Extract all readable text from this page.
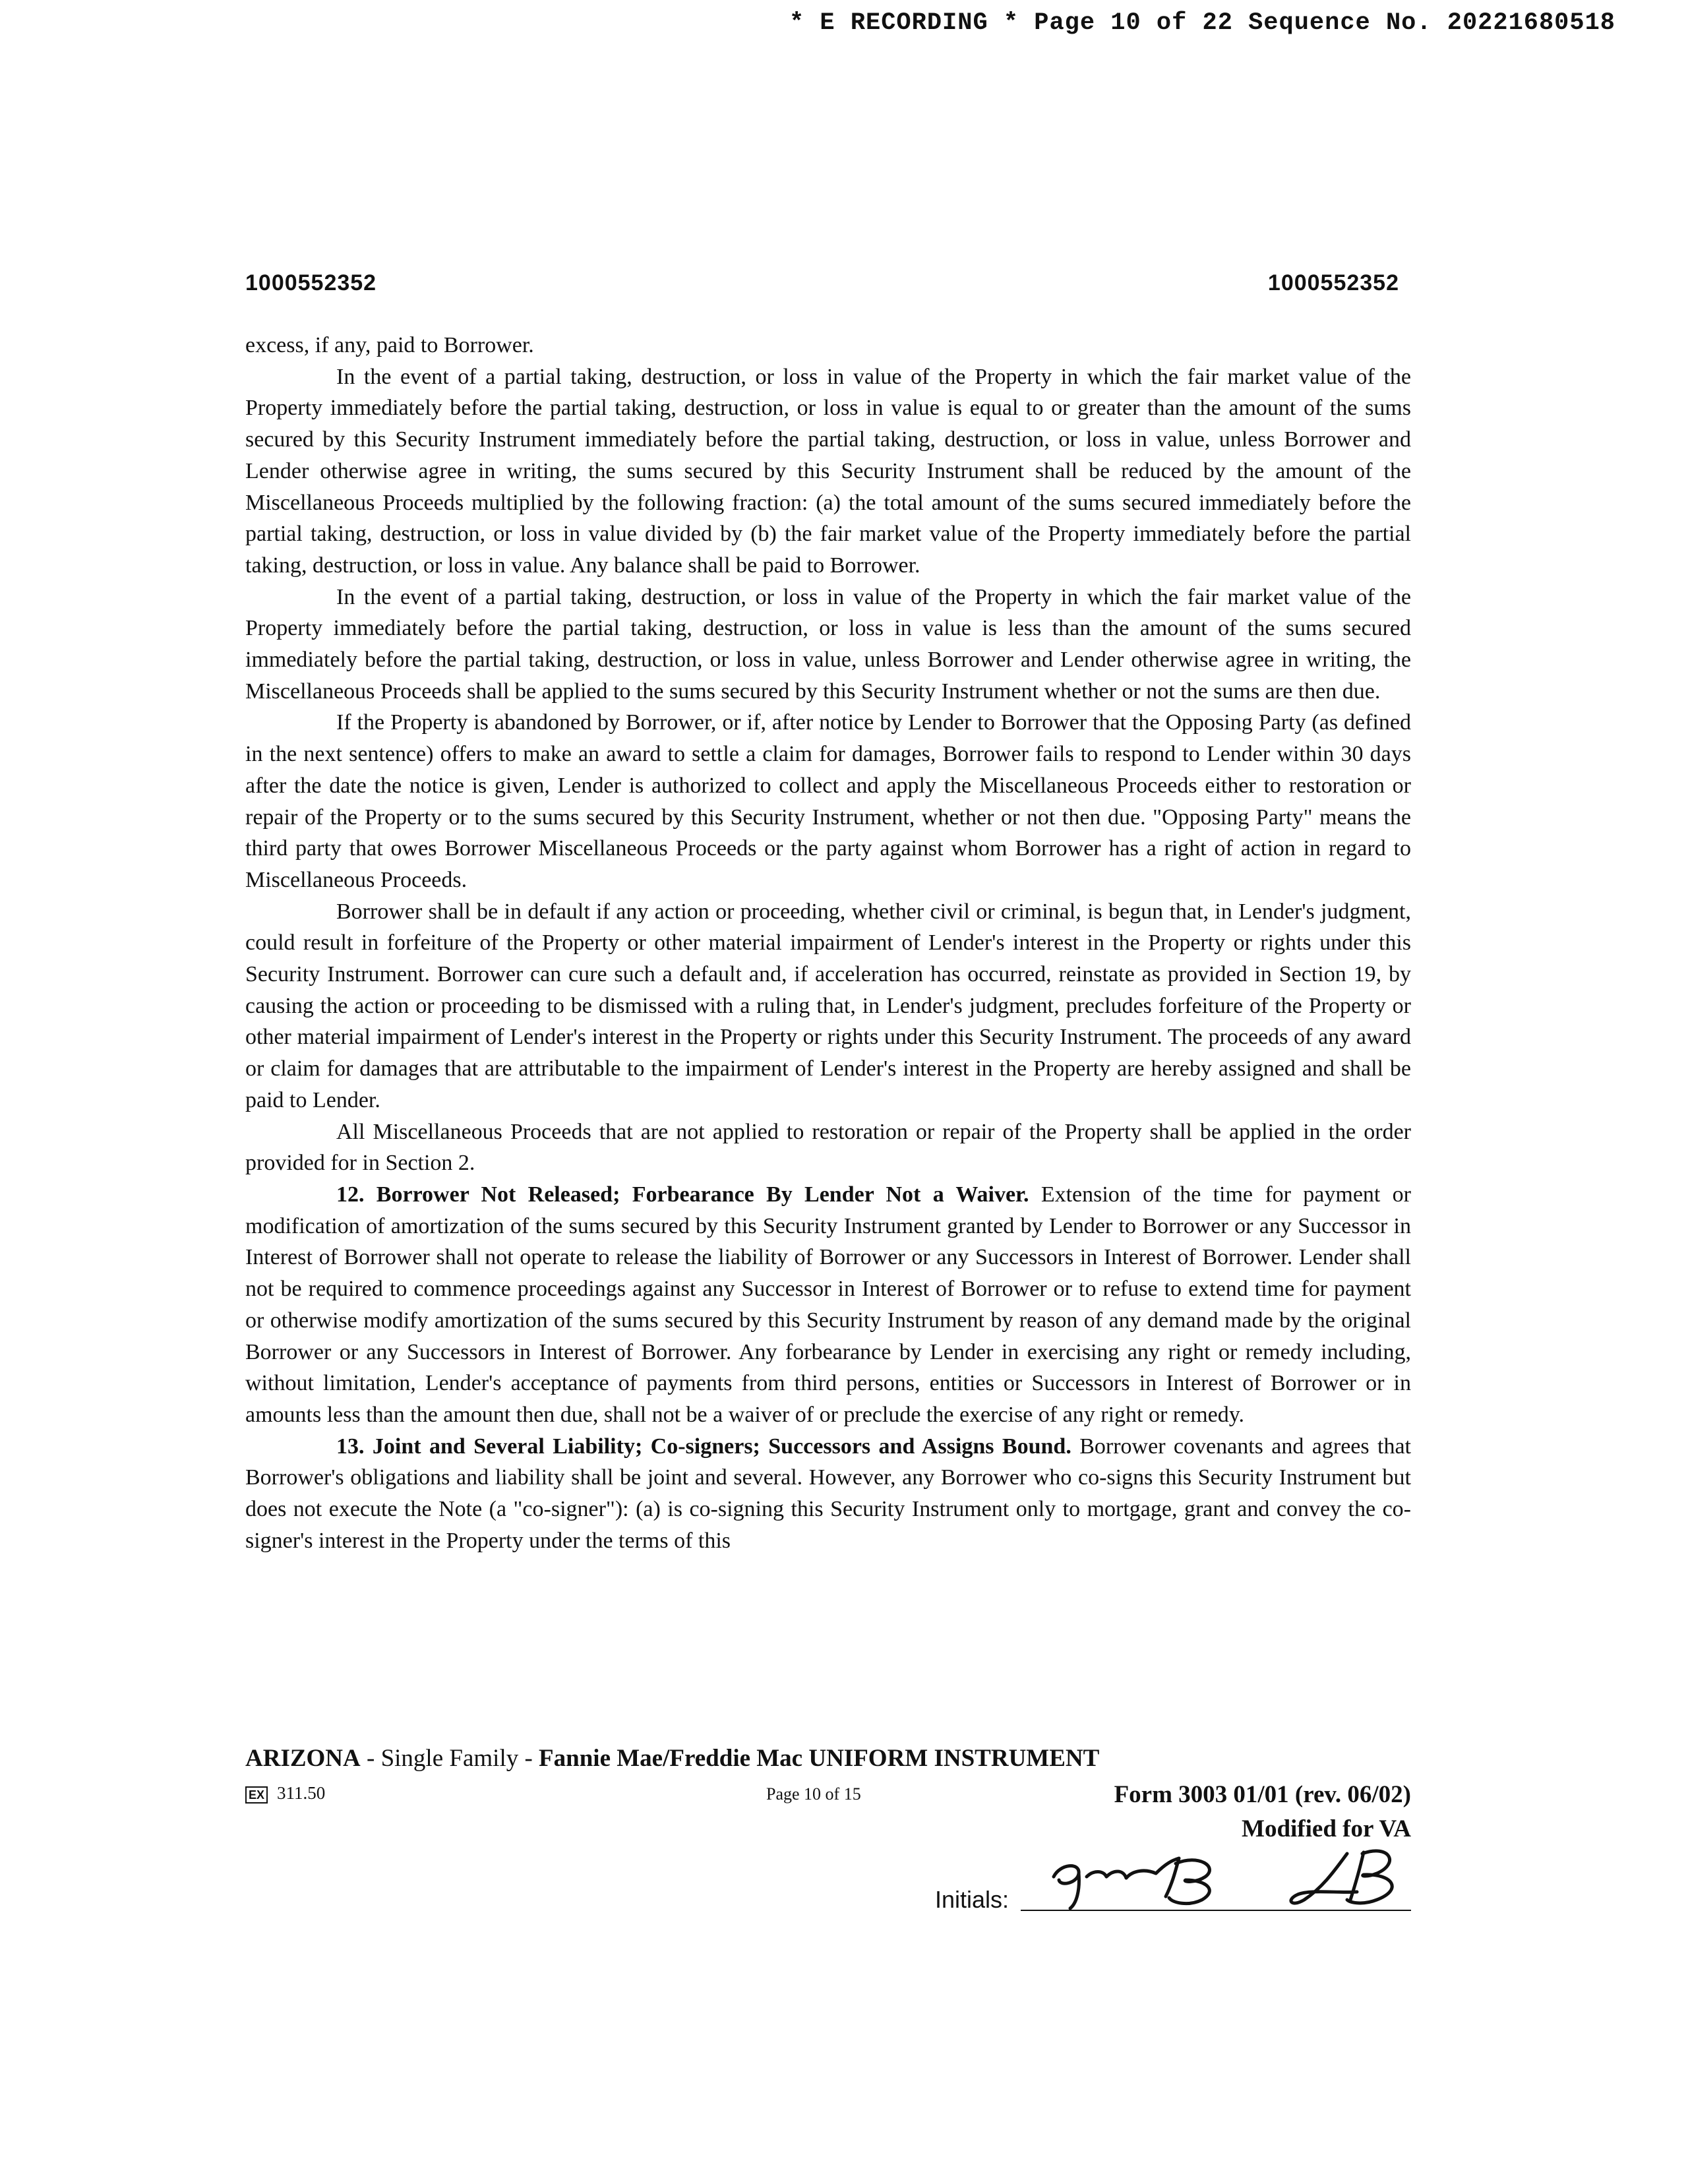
* E RECORDING * Page 10 of 22 Sequence No. 20221680518
1000552352	1000552352

excess, if any, paid to Borrower.

In the event of a partial taking, destruction, or loss in value of the Property in which the fair market value of the Property immediately before the partial taking, destruction, or loss in value is equal to or greater than the amount of the sums secured by this Security Instrument immediately before the partial taking, destruction, or loss in value, unless Borrower and Lender otherwise agree in writing, the sums secured by this Security Instrument shall be reduced by the amount of the Miscellaneous Proceeds multiplied by the following fraction: (a) the total amount of the sums secured immediately before the partial taking, destruction, or loss in value divided by (b) the fair market value of the Property immediately before the partial taking, destruction, or loss in value. Any balance shall be paid to Borrower.

In the event of a partial taking, destruction, or loss in value of the Property in which the fair market value of the Property immediately before the partial taking, destruction, or loss in value is less than the amount of the sums secured immediately before the partial taking, destruction, or loss in value, unless Borrower and Lender otherwise agree in writing, the Miscellaneous Proceeds shall be applied to the sums secured by this Security Instrument whether or not the sums are then due.

If the Property is abandoned by Borrower, or if, after notice by Lender to Borrower that the Opposing Party (as defined in the next sentence) offers to make an award to settle a claim for damages, Borrower fails to respond to Lender within 30 days after the date the notice is given, Lender is authorized to collect and apply the Miscellaneous Proceeds either to restoration or repair of the Property or to the sums secured by this Security Instrument, whether or not then due. "Opposing Party" means the third party that owes Borrower Miscellaneous Proceeds or the party against whom Borrower has a right of action in regard to Miscellaneous Proceeds.

Borrower shall be in default if any action or proceeding, whether civil or criminal, is begun that, in Lender's judgment, could result in forfeiture of the Property or other material impairment of Lender's interest in the Property or rights under this Security Instrument. Borrower can cure such a default and, if acceleration has occurred, reinstate as provided in Section 19, by causing the action or proceeding to be dismissed with a ruling that, in Lender's judgment, precludes forfeiture of the Property or other material impairment of Lender's interest in the Property or rights under this Security Instrument. The proceeds of any award or claim for damages that are attributable to the impairment of Lender's interest in the Property are hereby assigned and shall be paid to Lender.

All Miscellaneous Proceeds that are not applied to restoration or repair of the Property shall be applied in the order provided for in Section 2.

12. Borrower Not Released; Forbearance By Lender Not a Waiver. Extension of the time for payment or modification of amortization of the sums secured by this Security Instrument granted by Lender to Borrower or any Successor in Interest of Borrower shall not operate to release the liability of Borrower or any Successors in Interest of Borrower. Lender shall not be required to commence proceedings against any Successor in Interest of Borrower or to refuse to extend time for payment or otherwise modify amortization of the sums secured by this Security Instrument by reason of any demand made by the original Borrower or any Successors in Interest of Borrower. Any forbearance by Lender in exercising any right or remedy including, without limitation, Lender's acceptance of payments from third persons, entities or Successors in Interest of Borrower or in amounts less than the amount then due, shall not be a waiver of or preclude the exercise of any right or remedy.

13. Joint and Several Liability; Co-signers; Successors and Assigns Bound. Borrower covenants and agrees that Borrower's obligations and liability shall be joint and several. However, any Borrower who co-signs this Security Instrument but does not execute the Note (a "co-signer"): (a) is co-signing this Security Instrument only to mortgage, grant and convey the co-signer's interest in the Property under the terms of this

ARIZONA - Single Family - Fannie Mae/Freddie Mac UNIFORM INSTRUMENT
EX 311.50	Page 10 of 15	Form 3003 01/01 (rev. 06/02)
Modified for VA
Initials:
